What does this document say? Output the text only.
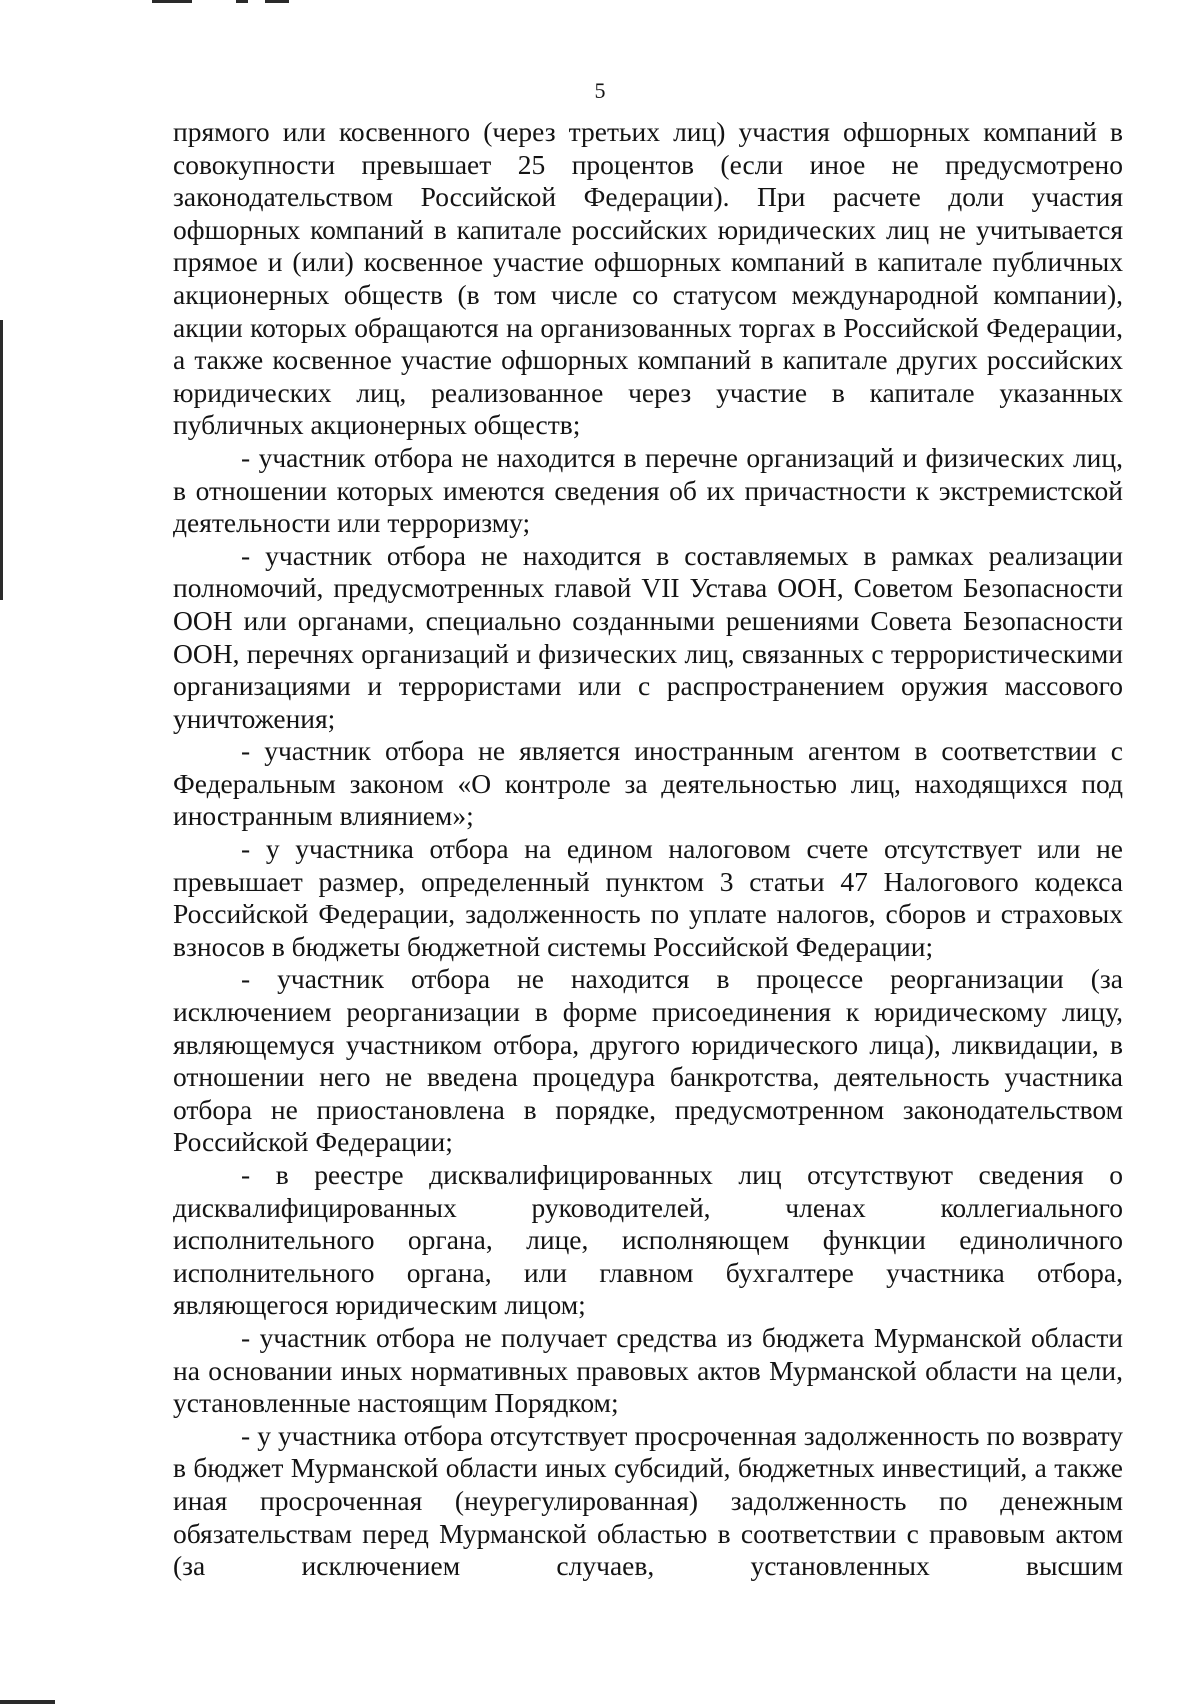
5

прямого или косвенного (через третьих лиц) участия офшорных компаний в совокупности превышает 25 процентов (если иное не предусмотрено законодательством Российской Федерации). При расчете доли участия офшорных компаний в капитале российских юридических лиц не учитывается прямое и (или) косвенное участие офшорных компаний в капитале публичных акционерных обществ (в том числе со статусом международной компании), акции которых обращаются на организованных торгах в Российской Федерации, а также косвенное участие офшорных компаний в капитале других российских юридических лиц, реализованное через участие в капитале указанных публичных акционерных обществ;

- участник отбора не находится в перечне организаций и физических лиц, в отношении которых имеются сведения об их причастности к экстремистской деятельности или терроризму;

- участник отбора не находится в составляемых в рамках реализации полномочий, предусмотренных главой VII Устава ООН, Советом Безопасности ООН или органами, специально созданными решениями Совета Безопасности ООН, перечнях организаций и физических лиц, связанных с террористическими организациями и террористами или с распространением оружия массового уничтожения;

- участник отбора не является иностранным агентом в соответствии с Федеральным законом «О контроле за деятельностью лиц, находящихся под иностранным влиянием»;

- у участника отбора на едином налоговом счете отсутствует или не превышает размер, определенный пунктом 3 статьи 47 Налогового кодекса Российской Федерации, задолженность по уплате налогов, сборов и страховых взносов в бюджеты бюджетной системы Российской Федерации;

- участник отбора не находится в процессе реорганизации (за исключением реорганизации в форме присоединения к юридическому лицу, являющемуся участником отбора, другого юридического лица), ликвидации, в отношении него не введена процедура банкротства, деятельность участника отбора не приостановлена в порядке, предусмотренном законодательством Российской Федерации;

- в реестре дисквалифицированных лиц отсутствуют сведения о дисквалифицированных руководителей, членах коллегиального исполнительного органа, лице, исполняющем функции единоличного исполнительного органа, или главном бухгалтере участника отбора, являющегося юридическим лицом;

- участник отбора не получает средства из бюджета Мурманской области на основании иных нормативных правовых актов Мурманской области на цели, установленные настоящим Порядком;

- у участника отбора отсутствует просроченная задолженность по возврату в бюджет Мурманской области иных субсидий, бюджетных инвестиций, а также иная просроченная (неурегулированная) задолженность по денежным обязательствам перед Мурманской областью в соответствии с правовым актом (за исключением случаев, установленных высшим
